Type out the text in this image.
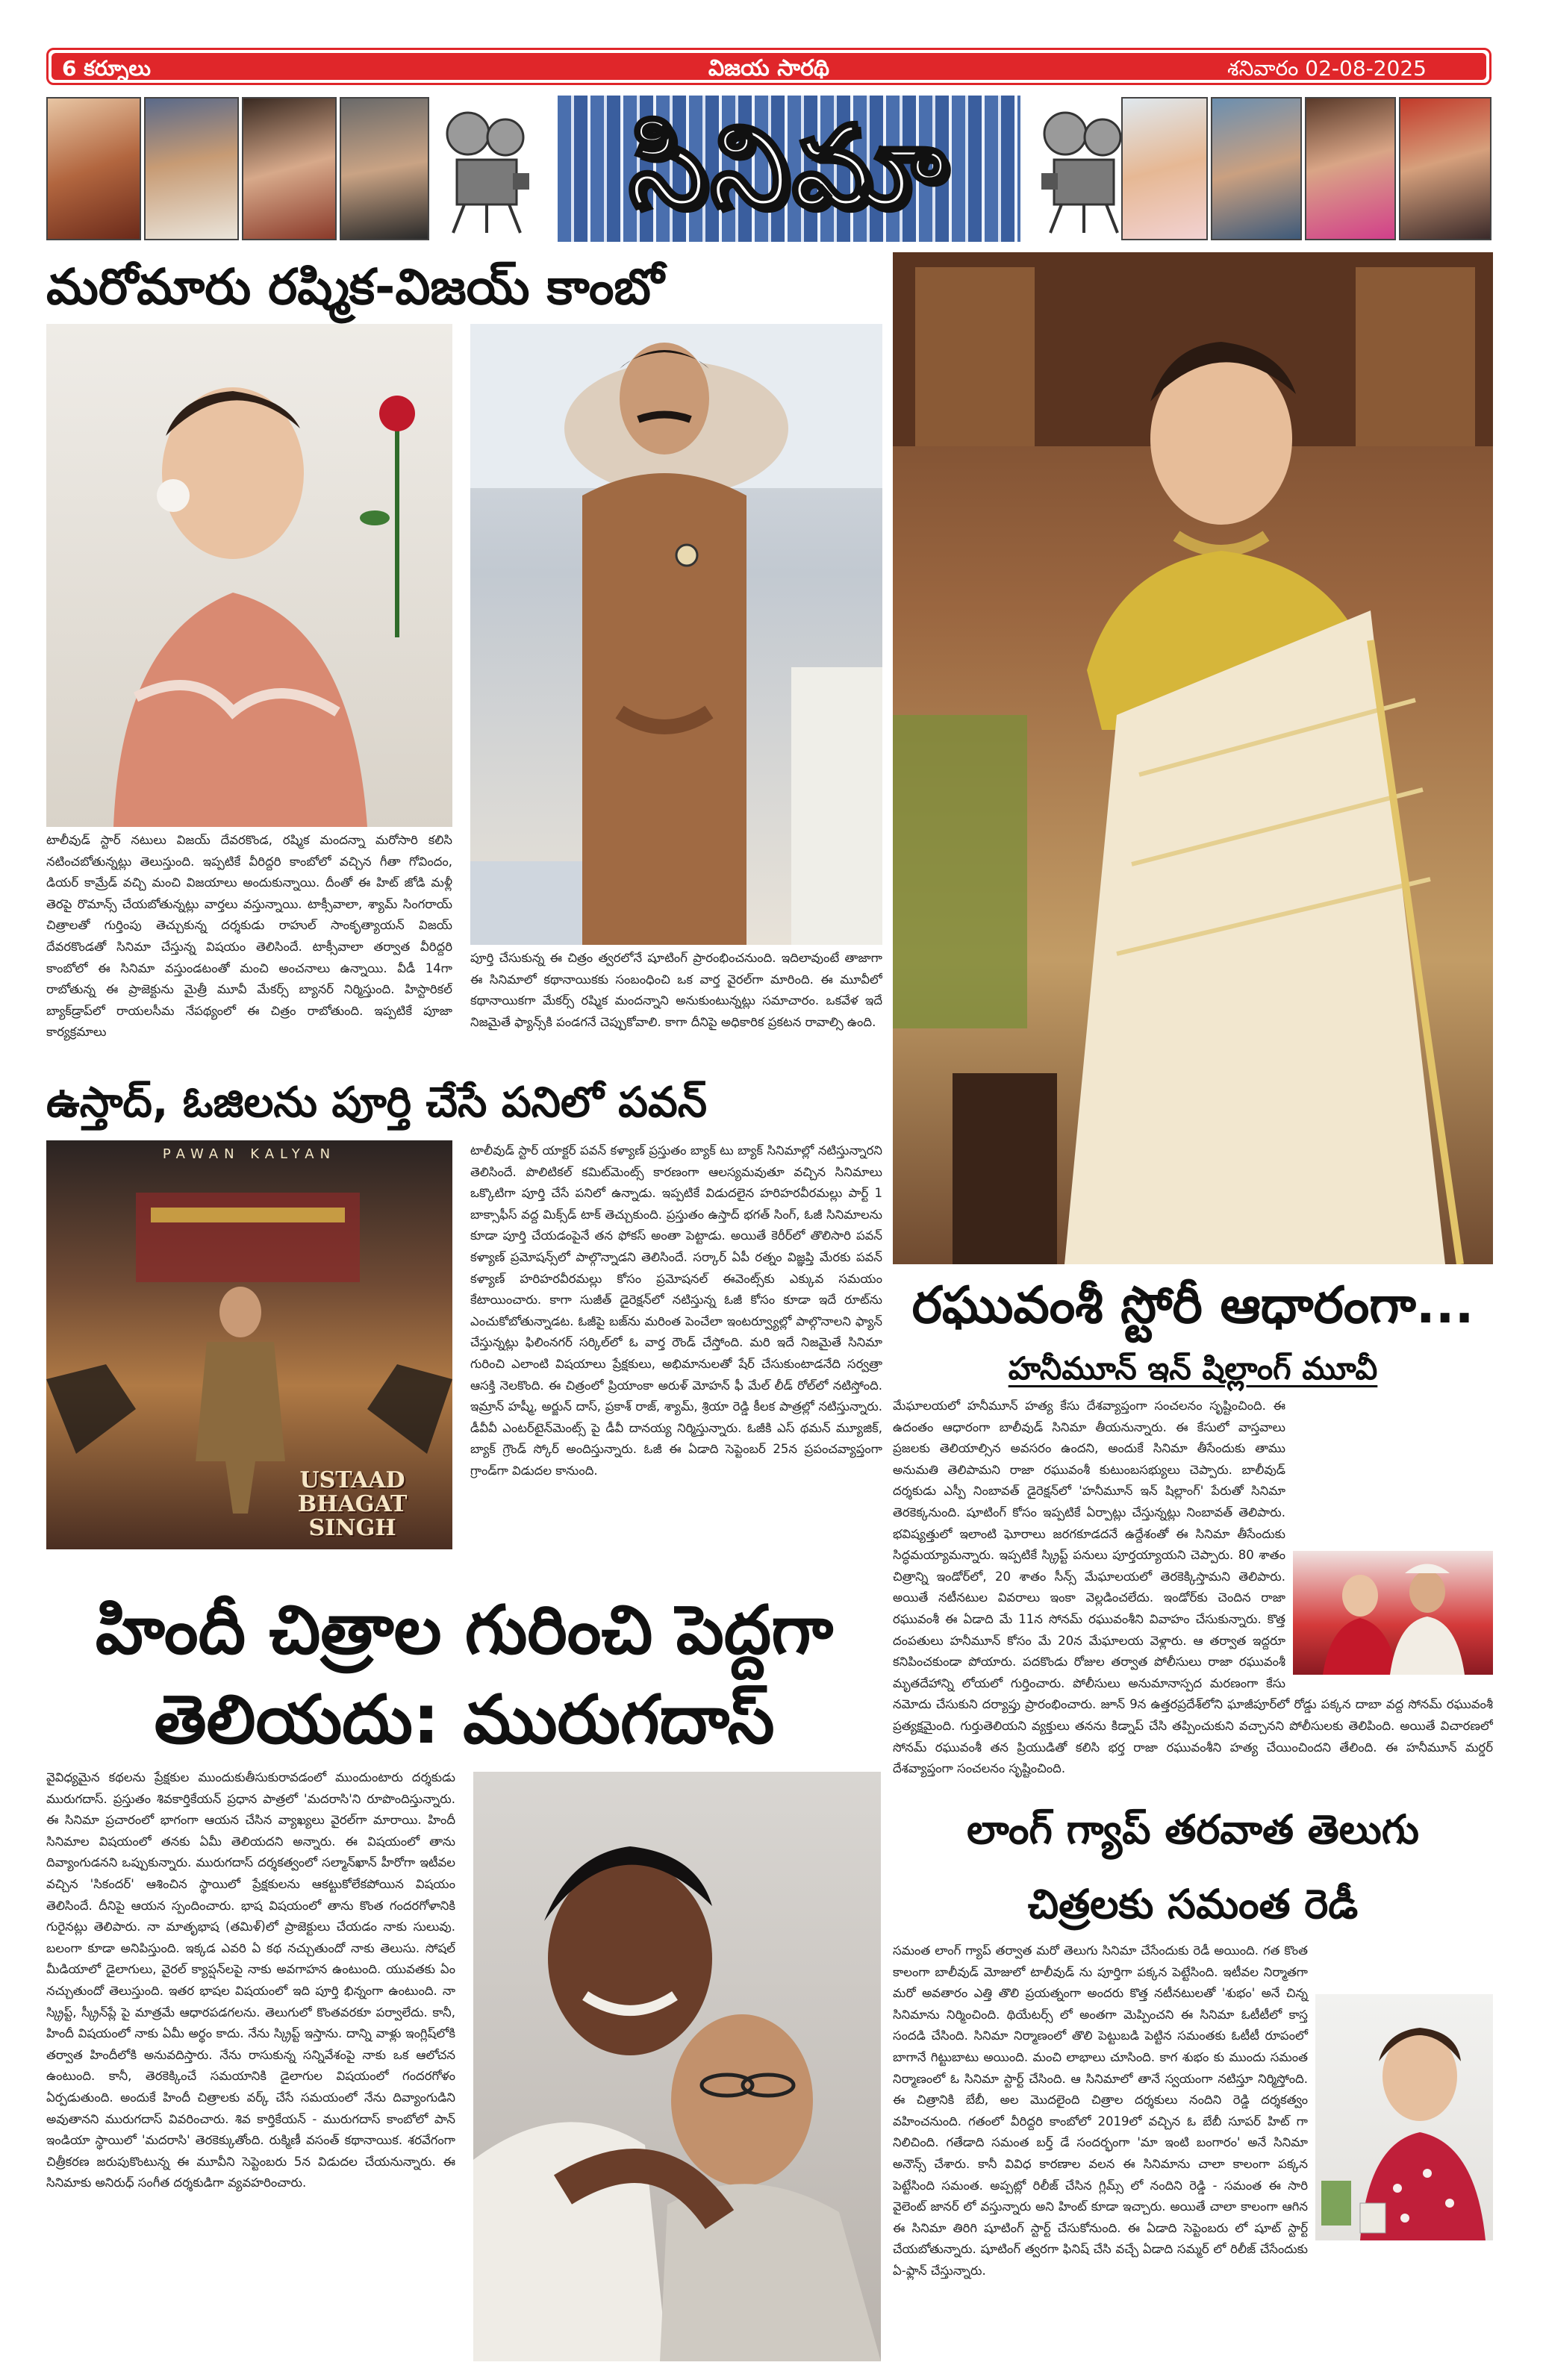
6 కర్నూలు	విజయ సారథి	శనివారం 02-08-2025
సినిమా
మరోమారు రష్మిక-విజయ్ కాంబో
టాలీవుడ్ స్టార్ నటులు విజయ్ దేవరకొండ, రష్మిక మందన్నా మరోసారి కలిసి నటించబోతున్నట్లు తెలుస్తుంది. ఇప్పటికే వీరిద్దరి కాంబోలో వచ్చిన గీతా గోవిందం, డియర్ కామ్రేడ్ వచ్చి మంచి విజయాలు అందుకున్నాయి. దీంతో ఈ హిట్ జోడి మళ్లీ తెరపై రొమాన్స్ చేయబోతున్నట్లు వార్తలు వస్తున్నాయి. టాక్సీవాలా, శ్యామ్ సింగరాయ్ చిత్రాలతో గుర్తింపు తెచ్చుకున్న దర్శకుడు రాహుల్ సాంకృత్యాయన్ విజయ్ దేవరకొండతో సినిమా చేస్తున్న విషయం తెలిసిందే. టాక్సీవాలా తర్వాత వీరిద్దరి కాంబోలో ఈ సినిమా వస్తుండటంతో మంచి అంచనాలు ఉన్నాయి. వీడీ 14గా రాబోతున్న ఈ ప్రాజెక్టును మైత్రీ మూవీ మేకర్స్ బ్యానర్ నిర్మిస్తుంది. హిస్టారికల్ బ్యాక్‌డ్రాప్‌లో రాయలసీమ నేపథ్యంలో ఈ చిత్రం రాబోతుంది. ఇప్పటికే పూజా కార్యక్రమాలు
పూర్తి చేసుకున్న ఈ చిత్రం త్వరలోనే షూటింగ్ ప్రారంభించనుంది. ఇదిలావుంటే తాజాగా ఈ సినిమాలో కథానాయికకు సంబంధించి ఒక వార్త వైరల్‌గా మారింది. ఈ మూవీలో కథానాయికగా మేకర్స్ రష్మిక మందన్నాని అనుకుంటున్నట్లు సమాచారం. ఒకవేళ ఇదే నిజమైతే ఫ్యాన్స్‌కి పండగనే చెప్పుకోవాలి. కాగా దీనిపై అధికారిక ప్రకటన రావాల్సి ఉంది.
ఉస్తాద్, ఓజిలను పూర్తి చేసే పనిలో పవన్
PAWAN KALYAN
USTAAD BHAGAT SINGH
టాలీవుడ్ స్టార్ యాక్టర్ పవన్ కళ్యాణ్ ప్రస్తుతం బ్యాక్ టు బ్యాక్ సినిమాల్లో నటిస్తున్నారని తెలిసిందే. పొలిటికల్ కమిట్‌మెంట్స్ కారణంగా ఆలస్యమవుతూ వచ్చిన సినిమాలు ఒక్కొటిగా పూర్తి చేసే పనిలో ఉన్నాడు. ఇప్పటికే విడుదలైన హరిహరవీరమల్లు పార్ట్ 1 బాక్సాఫీస్ వద్ద మిక్స్‌డ్ టాక్ తెచ్చుకుంది. ప్రస్తుతం ఉస్తాద్ భగత్ సింగ్, ఓజీ సినిమాలను కూడా పూర్తి చేయడంపైనే తన ఫోకస్ అంతా పెట్టాడు. అయితే కెరీర్‌లో తొలిసారి పవన్ కళ్యాణ్ ప్రమోషన్స్‌లో పాల్గొన్నాడని తెలిసిందే. సర్కార్ ఏపీ రత్నం విజ్ఞప్తి మేరకు పవన్ కళ్యాణ్ హరిహరవీరమల్లు కోసం ప్రమోషనల్ ఈవెంట్స్‌కు ఎక్కువ సమయం కేటాయించారు. కాగా సుజీత్ డైరెక్షన్‌లో నటిస్తున్న ఓజీ కోసం కూడా ఇదే రూట్‌ను ఎంచుకోబోతున్నాడట. ఓజీపై బజ్‌ను మరింత పెంచేలా ఇంటర్వ్యూల్లో పాల్గొనాలని ఫ్యాన్ చేస్తున్నట్లు ఫిలింనగర్ సర్కిల్‌లో ఓ వార్త రౌండ్ చేస్తోంది. మరి ఇదే నిజమైతే సినిమా గురించి ఎలాంటి విషయాలు ప్రేక్షకులు, అభిమానులతో షేర్ చేసుకుంటాడనేది సర్వత్రా ఆసక్తి నెలకొంది. ఈ చిత్రంలో ప్రియాంకా అరుళ్ మోహన్ ఫీ మేల్ లీడ్ రోల్‌లో నటిస్తోంది. ఇమ్రాన్ హష్మీ, అర్జున్ దాస్, ప్రకాశ్ రాజ్, శ్యామ్, శ్రియా రెడ్డి కీలక పాత్రల్లో నటిస్తున్నారు. డీవీవీ ఎంటర్‌టైన్‌మెంట్స్ పై డీవీ దానయ్య నిర్మిస్తున్నారు. ఓజీకి ఎస్ థమన్ మ్యూజిక్, బ్యాక్ గ్రౌండ్ స్కోర్ అందిస్తున్నారు. ఓజీ ఈ ఏడాది సెప్టెంబర్ 25న ప్రపంచవ్యాప్తంగా గ్రాండ్‌గా విడుదల కానుంది.
హిందీ చిత్రాల గురించి పెద్దగా
తెలియదు: మురుగదాస్
వైవిధ్యమైన కథలను ప్రేక్షకుల ముందుకుతీసుకురావడంలో ముందుంటారు దర్శకుడు మురుగదాస్. ప్రస్తుతం శివకార్తికేయన్ ప్రధాన పాత్రలో 'మదరాసి'ని రూపొందిస్తున్నారు. ఈ సినిమా ప్రచారంలో భాగంగా ఆయన చేసిన వ్యాఖ్యలు వైరల్‌గా మారాయి. హిందీ సినిమాల విషయంలో తనకు ఏమీ తెలియదని అన్నారు. ఈ విషయంలో తాను దివ్యాంగుడనని ఒప్పుకున్నారు. మురుగదాస్ దర్శకత్వంలో సల్మాన్‌ఖాన్ హీరోగా ఇటీవల వచ్చిన 'సికందర్' ఆశించిన స్థాయిలో ప్రేక్షకులను ఆకట్టుకోలేకపోయిన విషయం తెలిసిందే. దీనిపై ఆయన స్పందించారు. భాష విషయంలో తాను కొంత గందరగోళానికి గురైనట్లు తెలిపారు. నా మాతృభాష (తమిళ్)లో ప్రాజెక్టులు చేయడం నాకు సులువు. బలంగా కూడా అనిపిస్తుంది. ఇక్కడ ఎవరి ఏ కథ నచ్చుతుందో నాకు తెలుసు. సోషల్ మీడియాలో డైలాగులు, వైరల్ క్యాప్షన్‌లపై నాకు అవగాహన ఉంటుంది. యువతకు ఏం నచ్చుతుందో తెలుస్తుంది. ఇతర భాషల విషయంలో ఇది పూర్తి భిన్నంగా ఉంటుంది. నా స్క్రిప్ట్, స్క్రీన్‌ప్లే పై మాత్రమే ఆధారపడగలను. తెలుగులో కొంతవరకూ పర్వాలేదు. కానీ, హిందీ విషయంలో నాకు ఏమీ అర్థం కాదు. నేను స్క్రిప్ట్ ఇస్తాను. దాన్ని వాళ్లు ఇంగ్లిష్‌లోకి తర్వాత హిందీలోకి అనువదిస్తారు. నేను రాసుకున్న సన్నివేశంపై నాకు ఒక ఆలోచన ఉంటుంది. కానీ, తెరకెక్కించే సమయానికి డైలాగుల విషయంలో గందరగోళం ఏర్పడుతుంది. అందుకే హిందీ చిత్రాలకు వర్క్ చేసే సమయంలో నేను దివ్యాంగుడిని అవుతానని మురుగదాస్ వివరించారు. శివ కార్తికేయన్ - మురుగదాస్ కాంబోలో పాన్ ఇండియా స్థాయిలో 'మదరాసి' తెరకెక్కుతోంది. రుక్మిణీ వసంత్ కథానాయిక. శరవేగంగా చిత్రీకరణ జరుపుకొంటున్న ఈ మూవీని సెప్టెంబరు 5న విడుదల చేయనున్నారు. ఈ సినిమాకు అనిరుధ్ సంగీత దర్శకుడిగా వ్యవహరించారు.
రఘువంశీ స్టోరీ ఆధారంగా...
హనీమూన్ ఇన్ షిల్లాంగ్ మూవీ
మేఘాలయలో హనీమూన్ హత్య కేసు దేశవ్యాప్తంగా సంచలనం సృష్టించింది. ఈ ఉదంతం ఆధారంగా బాలీవుడ్ సినిమా తీయనున్నారు. ఈ కేసులో వాస్తవాలు ప్రజలకు తెలియాల్సిన అవసరం ఉందని, అందుకే సినిమా తీసేందుకు తాము అనుమతి తెలిపామని రాజా రఘువంశీ కుటుంబసభ్యులు చెప్పారు. బాలీవుడ్ దర్శకుడు ఎస్పీ నింబావత్ డైరెక్షన్‌లో 'హనీమూన్ ఇన్ షిల్లాంగ్' పేరుతో సినిమా తెరకెక్కనుంది. షూటింగ్ కోసం ఇప్పటికే ఏర్పాట్లు చేస్తున్నట్లు నింబావత్ తెలిపారు. భవిష్యత్తులో ఇలాంటి ఘోరాలు జరగకూడదనే ఉద్దేశంతో ఈ సినిమా తీసేందుకు సిద్ధమయ్యామన్నారు. ఇప్పటికే స్క్రిప్ట్ పనులు పూర్తయ్యాయని చెప్పారు. 80 శాతం చిత్రాన్ని ఇండోర్‌లో, 20 శాతం సీన్స్ మేఘాలయలో తెరకెక్కిస్తామని తెలిపారు. అయితే నటీనటుల వివరాలు ఇంకా వెల్లడించలేదు. ఇండోర్‌కు చెందిన రాజా రఘువంశీ ఈ ఏడాది మే 11న సోనమ్ రఘువంశీని వివాహం చేసుకున్నారు. కొత్త దంపతులు హనీమూన్ కోసం మే 20న మేఘాలయ వెళ్లారు. ఆ తర్వాత ఇద్దరూ కనిపించకుండా పోయారు. పదకొండు రోజుల తర్వాత పోలీసులు రాజా రఘువంశీ మృతదేహాన్ని లోయలో గుర్తించారు. పోలీసులు అనుమానాస్పద మరణంగా కేసు నమోదు చేసుకుని దర్యాప్తు ప్రారంభించారు. జూన్ 9న ఉత్తరప్రదేశ్‌లోని ఘాజీపూర్‌లో రోడ్డు పక్కన దాబా వద్ద సోనమ్ రఘువంశీ ప్రత్యక్షమైంది. గుర్తుతెలియని వ్యక్తులు తనను కిడ్నాప్ చేసి తప్పించుకుని వచ్చానని పోలీసులకు తెలిపింది. అయితే విచారణలో సోనమ్ రఘువంశీ తన ప్రియుడితో కలిసి భర్త రాజా రఘువంశీని హత్య చేయించిందని తేలింది. ఈ హనీమూన్ మర్డర్ దేశవ్యాప్తంగా సంచలనం సృష్టించింది.
లాంగ్ గ్యాప్ తరవాత తెలుగు
చిత్రలకు సమంత రెడీ
సమంత లాంగ్ గ్యాప్ తర్వాత మరో తెలుగు సినిమా చేసేందుకు రెడీ అయింది. గత కొంత కాలంగా బాలీవుడ్ మోజులో టాలీవుడ్ ను పూర్తిగా పక్కన పెట్టేసింది. ఇటీవల నిర్మాతగా మరో అవతారం ఎత్తి తొలి ప్రయత్నంగా అందరు కొత్త నటీనటులతో 'శుభం' అనే చిన్న సినిమాను నిర్మించింది. థియేటర్స్ లో అంతగా మెప్పించని ఈ సినిమా ఓటీటీలో కాస్త సందడి చేసింది. సినిమా నిర్మాణంలో తొలి పెట్టుబడి పెట్టిన సమంతకు ఓటీటీ రూపంలో బాగానే గిట్టుబాటు అయింది. మంచి లాభాలు చూసింది. కాగ శుభం కు ముందు సమంత నిర్మాణంలో ఓ సినిమా స్టార్ట్ చేసింది. ఆ సినిమాలో తానే స్వయంగా నటిస్తూ నిర్మిస్తోంది. ఈ చిత్రానికి బేబీ, అల మొదలైంది చిత్రాల దర్శకులు నందిని రెడ్డి దర్శకత్వం వహించనుంది. గతంలో వీరిద్దరి కాంబోలో 2019లో వచ్చిన ఓ బేబీ సూపర్ హిట్ గా నిలిచింది. గతేడాది సమంత బర్త్ డే సందర్భంగా 'మా ఇంటి బంగారం' అనే సినిమా అనౌన్స్ చేశారు. కానీ వివిధ కారణాల వలన ఈ సినిమాను చాలా కాలంగా పక్కన పెట్టేసింది సమంత. అప్పట్లో రిలీజ్ చేసిన గ్లిమ్స్ లో నందిని రెడ్డి - సమంత ఈ సారి వైలెంట్ జానర్ లో వస్తున్నారు అని హింట్ కూడా ఇచ్చారు. అయితే చాలా కాలంగా ఆగిన ఈ సినిమా తిరిగి షూటింగ్ స్టార్ట్ చేసుకోనుంది. ఈ ఏడాది సెప్టెంబరు లో షూట్ స్టార్ట్ చేయబోతున్నారు. షూటింగ్ త్వరగా ఫినిష్ చేసి వచ్చే ఏడాది సమ్మర్ లో రిలీజ్ చేసేందుకు ఏ-ఫ్లాన్ చేస్తున్నారు.
